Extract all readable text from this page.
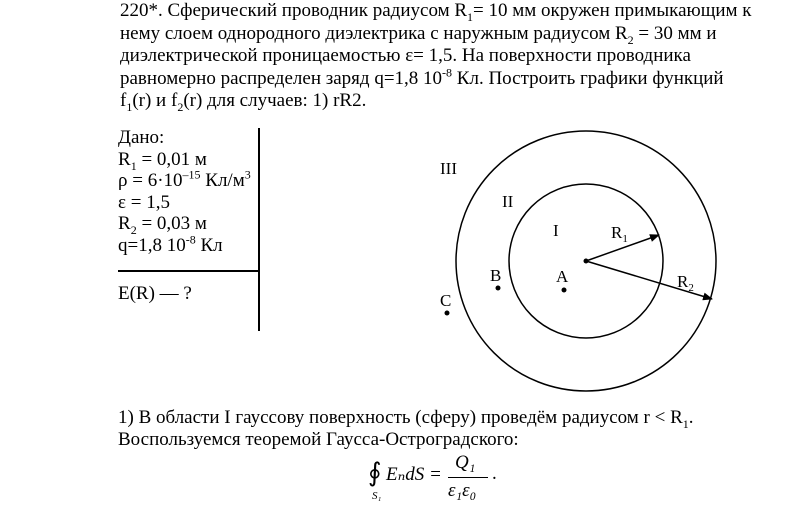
220*. Сферический проводник радиусом $R_1= 10$ мм окружен примыкающим к
нему слоем однородного диэлектрика с наружным радиусом $R_2 = 30$ мм и
диэлектрической проницаемостью ε= 1,5. На поверхности проводника
равномерно распределен заряд q=1,8 $10^{-8}$ Кл. Построить графики функций
$f_1(r)$ и $f_2(r)$ для случаев: 1) rR2.
Дано:
$R_1 = 0,01$ м
$\rho = 6\cdot 10^{-15}$ $Кл/м^3$
ε = 1,5
$R_2 = 0,03$ м
q=1,8 $10^{-8}$ Кл
E(R) — ?
III
II
I	$R_1$
$R_2$
A
B
C
1) В области I гауссову поверхность (сферу) проведём радиусом $r < R_1$.
Воспользуемся теоремой Гаусса-Остроградского:
∮
S₁
EₙdS =
Q₁
ε₁ε₀
.
